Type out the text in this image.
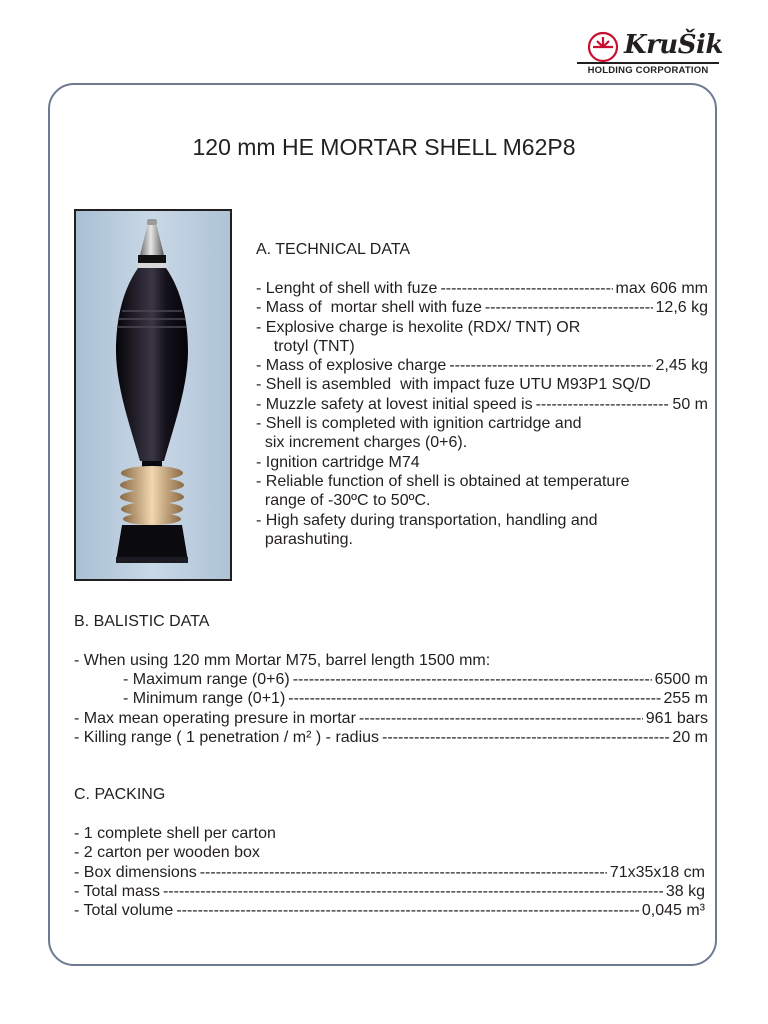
KruŠik
HOLDING CORPORATION
120 mm HE MORTAR SHELL M62P8
A. TECHNICAL DATA
- Lenght of shell with fuze -----	max 606 mm
- Mass of  mortar shell with fuze -----	12,6 kg
- Explosive charge is hexolite (RDX/ TNT) OR
trotyl (TNT)
- Mass of explosive charge -----	2,45 kg
- Shell is asembled  with impact fuze UTU M93P1 SQ/D
- Muzzle safety at lovest initial speed is -----	50 m
- Shell is completed with ignition cartridge and
six increment charges (0+6).
- Ignition cartridge M74
- Reliable function of shell is obtained at temperature
range of -30ºC to 50ºC.
- High safety during transportation, handling and
parashuting.
B. BALISTIC DATA
- When using 120 mm Mortar M75, barrel length 1500 mm:
- Maximum range (0+6) -----	6500 m
- Minimum range (0+1) -----	255 m
- Max mean operating presure in mortar -----	961 bars
- Killing range ( 1 penetration / m² ) - radius -----	20 m
C. PACKING
- 1 complete shell per carton
- 2 carton per wooden box
- Box dimensions -----	71x35x18 cm
- Total mass -----	38 kg
- Total volume -----	0,045 m³
